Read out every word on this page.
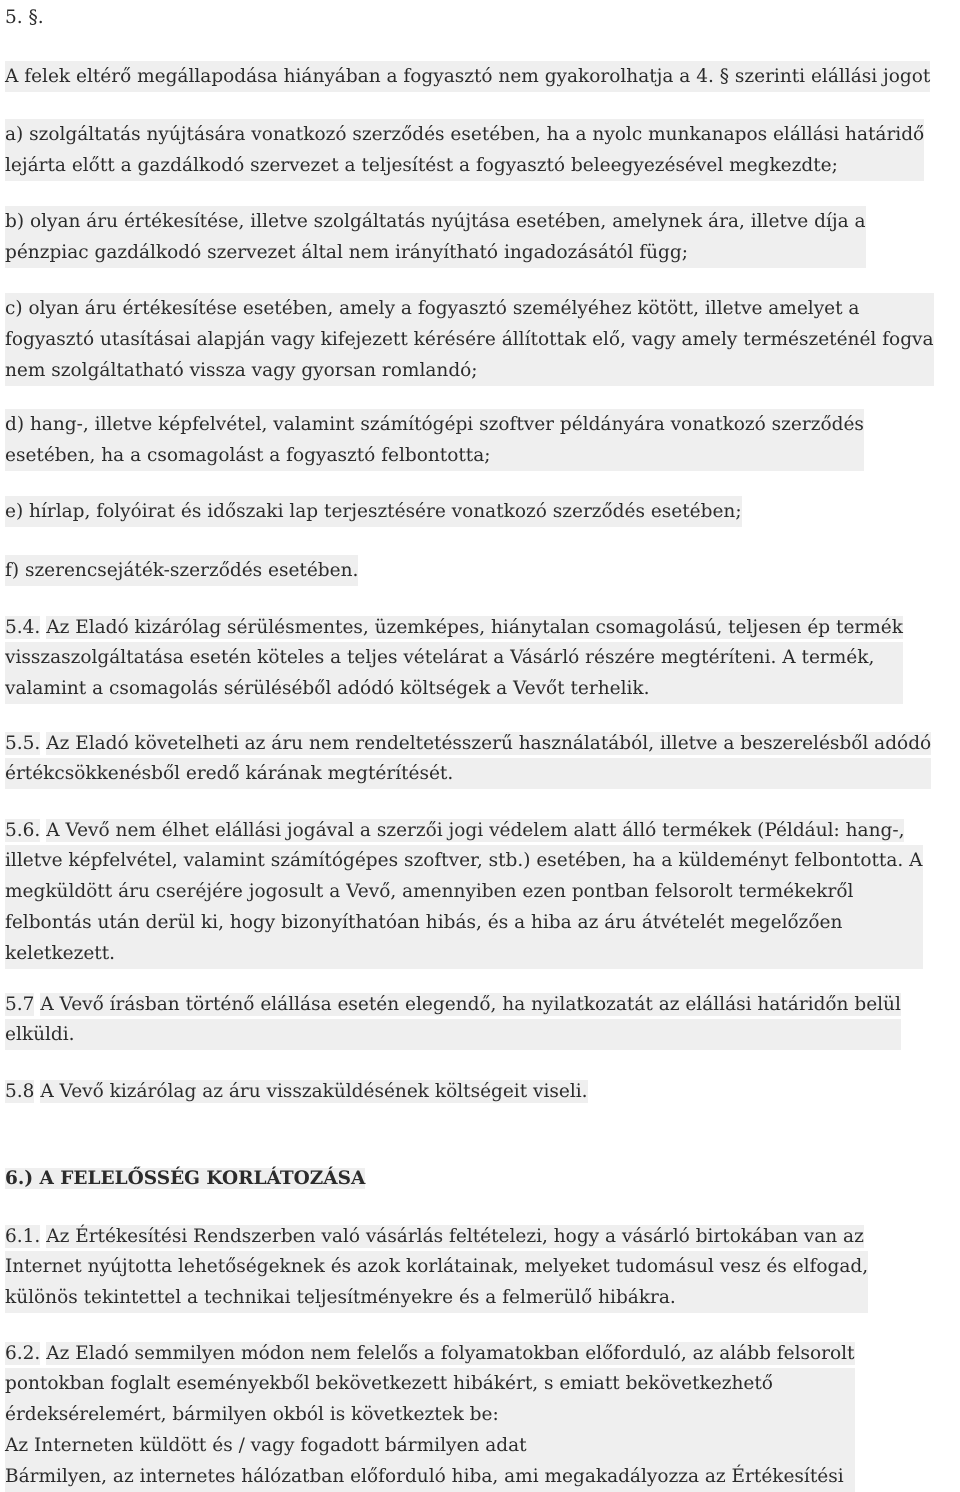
5. §.
A felek eltérő megállapodása hiányában a fogyasztó nem gyakorolhatja a 4. § szerinti elállási jogot
a) szolgáltatás nyújtására vonatkozó szerződés esetében, ha a nyolc munkanapos elállási határidő
lejárta előtt a gazdálkodó szervezet a teljesítést a fogyasztó beleegyezésével megkezdte;
b) olyan áru értékesítése, illetve szolgáltatás nyújtása esetében, amelynek ára, illetve díja a
pénzpiac gazdálkodó szervezet által nem irányítható ingadozásától függ;
c) olyan áru értékesítése esetében, amely a fogyasztó személyéhez kötött, illetve amelyet a
fogyasztó utasításai alapján vagy kifejezett kérésére állítottak elő, vagy amely természeténél fogva
nem szolgáltatható vissza vagy gyorsan romlandó;
d) hang-, illetve képfelvétel, valamint számítógépi szoftver példányára vonatkozó szerződés
esetében, ha a csomagolást a fogyasztó felbontotta;
e) hírlap, folyóirat és időszaki lap terjesztésére vonatkozó szerződés esetében;
f) szerencsejáték-szerződés esetében.
5.4. Az Eladó kizárólag sérülésmentes, üzemképes, hiánytalan csomagolású, teljesen ép termék
visszaszolgáltatása esetén köteles a teljes vételárat a Vásárló részére megtéríteni. A termék,
valamint a csomagolás sérüléséből adódó költségek a Vevőt terhelik.
5.5. Az Eladó követelheti az áru nem rendeltetésszerű használatából, illetve a beszerelésből adódó
értékcsökkenésből eredő kárának megtérítését.
5.6. A Vevő nem élhet elállási jogával a szerzői jogi védelem alatt álló termékek (Például: hang-,
illetve képfelvétel, valamint számítógépes szoftver, stb.) esetében, ha a küldeményt felbontotta. A
megküldött áru cseréjére jogosult a Vevő, amennyiben ezen pontban felsorolt termékekről
felbontás után derül ki, hogy bizonyíthatóan hibás, és a hiba az áru átvételét megelőzően
keletkezett.
5.7 A Vevő írásban történő elállása esetén elegendő, ha nyilatkozatát az elállási határidőn belül
elküldi.
5.8 A Vevő kizárólag az áru visszaküldésének költségeit viseli.
6.) A FELELŐSSÉG KORLÁTOZÁSA
6.1. Az Értékesítési Rendszerben való vásárlás feltételezi, hogy a vásárló birtokában van az
Internet nyújtotta lehetőségeknek és azok korlátainak, melyeket tudomásul vesz és elfogad,
különös tekintettel a technikai teljesítményekre és a felmerülő hibákra.
6.2. Az Eladó semmilyen módon nem felelős a folyamatokban előforduló, az alább felsorolt
pontokban foglalt eseményekből bekövetkezett hibákért, s emiatt bekövetkezhető
érdeksérelemért, bármilyen okból is következtek be:
Az Interneten küldött és / vagy fogadott bármilyen adat
Bármilyen, az internetes hálózatban előforduló hiba, ami megakadályozza az Értékesítési
